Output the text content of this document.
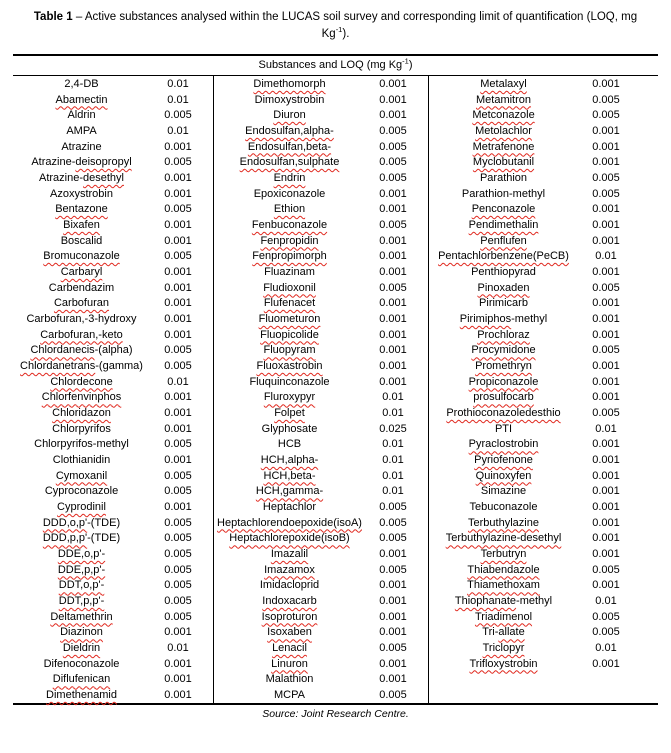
Table 1 – Active substances analysed within the LUCAS soil survey and corresponding limit of quantification (LOQ, mg
$Kg^{-1}$).
Substances and LOQ (mg $Kg^{-1}$)
2,4-DB	0.01
Abamectin	0.01
Aldrin	0.005
AMPA	0.01
Atrazine	0.001
Atrazine-deisopropyl	0.005
Atrazine-desethyl	0.001
Azoxystrobin	0.001
Bentazone	0.005
Bixafen	0.001
Boscalid	0.001
Bromuconazole	0.005
Carbaryl	0.001
Carbendazim	0.001
Carbofuran	0.001
Carbofuran,-3-hydroxy	0.001
Carbofuran,-keto	0.001
Chlordanecis-(alpha)	0.005
Chlordanetrans-(gamma)	0.005
Chlordecone	0.01
Chlorfenvinphos	0.001
Chloridazon	0.001
Chlorpyrifos	0.001
Chlorpyrifos-methyl	0.005
Clothianidin	0.001
Cymoxanil	0.005
Cyproconazole	0.005
Cyprodinil	0.001
DDD,o,p'-(TDE)	0.005
DDD,p,p'-(TDE)	0.005
DDE,o,p'-	0.005
DDE,p,p'-	0.005
DDT,o,p'-	0.005
DDT,p,p'-	0.005
Deltamethrin	0.005
Diazinon	0.001
Dieldrin	0.01
Difenoconazole	0.001
Diflufenican	0.001
Dimethenamid	0.001
Dimethomorph	0.001
Dimoxystrobin	0.001
Diuron	0.001
Endosulfan,alpha-	0.005
Endosulfan,beta-	0.005
Endosulfan,sulphate	0.005
Endrin	0.005
Epoxiconazole	0.001
Ethion	0.001
Fenbuconazole	0.005
Fenpropidin	0.001
Fenpropimorph	0.001
Fluazinam	0.001
Fludioxonil	0.005
Flufenacet	0.001
Fluometuron	0.001
Fluopicolide	0.001
Fluopyram	0.001
Fluoxastrobin	0.001
Fluquinconazole	0.001
Fluroxypyr	0.01
Folpet	0.01
Glyphosate	0.025
HCB	0.01
HCH,alpha-	0.01
HCH,beta-	0.01
HCH,gamma-	0.01
Heptachlor	0.005
Heptachlorendoepoxide(isoA)	0.005
Heptachlorepoxide(isoB)	0.005
Imazalil	0.001
Imazamox	0.005
Imidacloprid	0.001
Indoxacarb	0.001
Isoproturon	0.001
Isoxaben	0.001
Lenacil	0.005
Linuron	0.001
Malathion	0.001
MCPA	0.005
Metalaxyl	0.001
Metamitron	0.005
Metconazole	0.005
Metolachlor	0.001
Metrafenone	0.001
Myclobutanil	0.001
Parathion	0.005
Parathion-methyl	0.005
Penconazole	0.001
Pendimethalin	0.001
Penflufen	0.001
Pentachlorbenzene(PeCB)	0.01
Penthiopyrad	0.001
Pinoxaden	0.005
Pirimicarb	0.001
Pirimiphos-methyl	0.001
Prochloraz	0.001
Procymidone	0.005
Promethryn	0.001
Propiconazole	0.001
prosulfocarb	0.001
Prothioconazoledesthio	0.005
PTI	0.01
Pyraclostrobin	0.001
Pyriofenone	0.001
Quinoxyfen	0.001
Simazine	0.001
Tebuconazole	0.001
Terbuthylazine	0.001
Terbuthylazine-desethyl	0.001
Terbutryn	0.001
Thiabendazole	0.005
Thiamethoxam	0.001
Thiophanate-methyl	0.01
Triadimenol	0.005
Tri-allate	0.005
Triclopyr	0.01
Trifloxystrobin	0.001
Source: Joint Research Centre.
